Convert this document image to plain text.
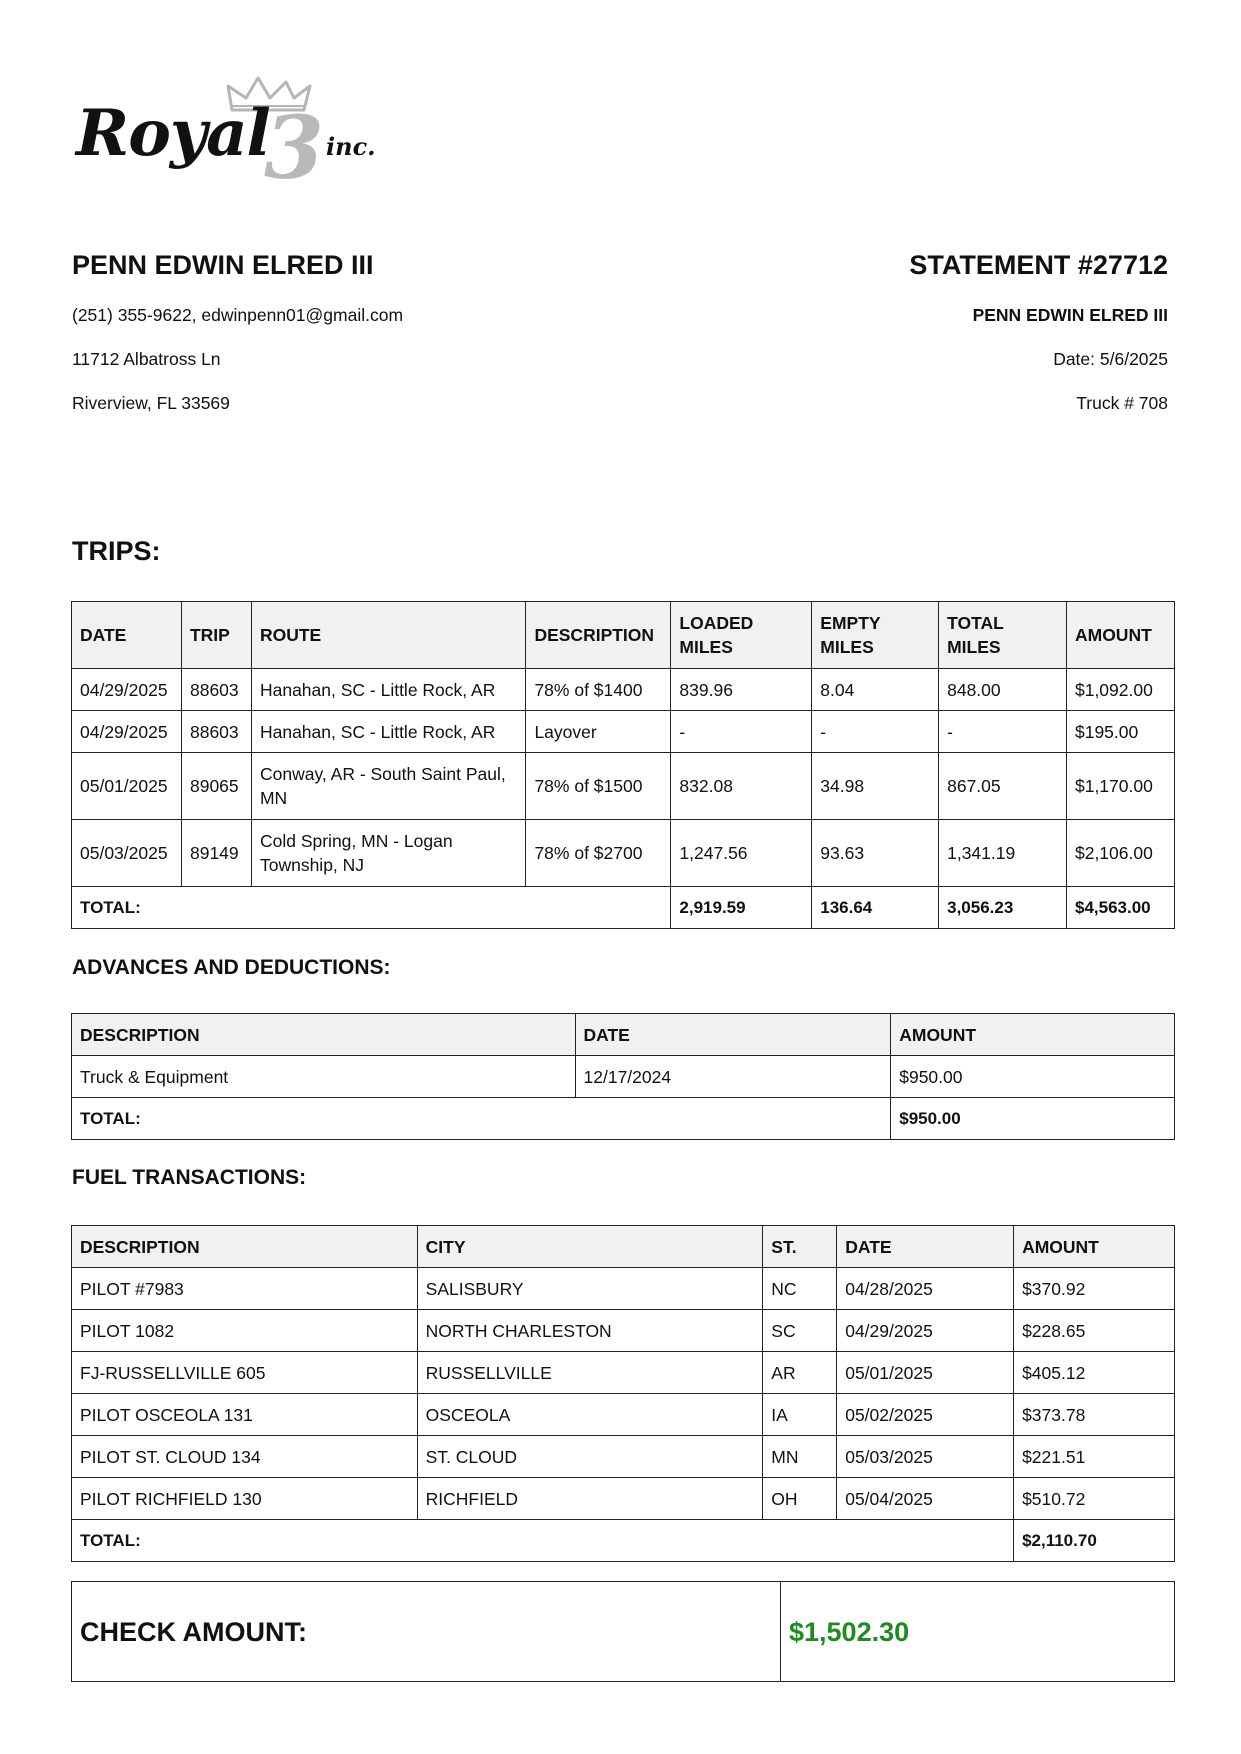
Royal
3 inc.

PENN EDWIN ELRED III

(251) 355-9622, edwinpenn01@gmail.com

11712 Albatross Ln

Riverview, FL 33569

STATEMENT #27712

PENN EDWIN ELRED III

Date: 5/6/2025

Truck # 708

TRIPS:
DATE	TRIP	ROUTE	DESCRIPTION	LOADED MILES	EMPTY MILES	TOTAL MILES	AMOUNT
04/29/2025	88603	Hanahan, SC - Little Rock, AR	78% of $1400	839.96	8.04	848.00	$1,092.00
04/29/2025	88603	Hanahan, SC - Little Rock, AR	Layover	-	-	-	$195.00
05/01/2025	89065	Conway, AR - South Saint Paul, MN	78% of $1500	832.08	34.98	867.05	$1,170.00
05/03/2025	89149	Cold Spring, MN - Logan Township, NJ	78% of $2700	1,247.56	93.63	1,341.19	$2,106.00
TOTAL:				2,919.59	136.64	3,056.23	$4,563.00
ADVANCES AND DEDUCTIONS:
DESCRIPTION	DATE	AMOUNT
Truck & Equipment	12/17/2024	$950.00
TOTAL:		$950.00
FUEL TRANSACTIONS:
DESCRIPTION	CITY	ST.	DATE	AMOUNT
PILOT #7983	SALISBURY	NC	04/28/2025	$370.92
PILOT 1082	NORTH CHARLESTON	SC	04/29/2025	$228.65
FJ-RUSSELLVILLE 605	RUSSELLVILLE	AR	05/01/2025	$405.12
PILOT OSCEOLA 131	OSCEOLA	IA	05/02/2025	$373.78
PILOT ST. CLOUD 134	ST. CLOUD	MN	05/03/2025	$221.51
PILOT RICHFIELD 130	RICHFIELD	OH	05/04/2025	$510.72
TOTAL:				$2,110.70
CHECK AMOUNT:	$1,502.30
